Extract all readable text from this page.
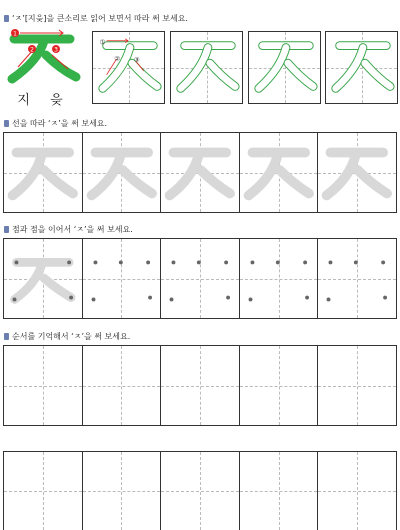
‘ㅈ’[지읒]을 큰소리로 읽어 보면서 따라 써 보세요.
1
2	3
지 읒
①
② ③
선을 따라 ‘ㅈ’을 써 보세요.
점과 점을 이어서 ‘ㅈ’을 써 보세요.
순서를 기억해서 ‘ㅈ’을 써 보세요.
